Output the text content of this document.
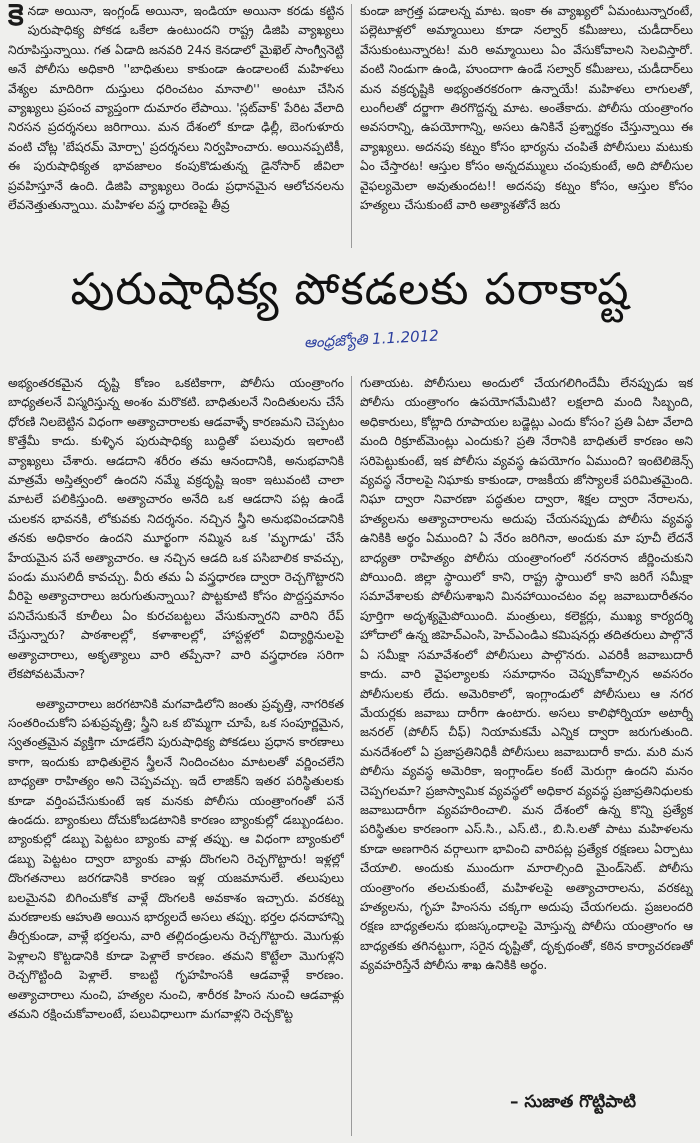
కె నడా అయినా, ఇంగ్లండ్ అయినా, ఇండియా అయినా కరడు కట్టిన పురుషాధిక్య పోకడ ఒకేలా ఉంటుందని రాష్ట్ర డిజిపి వ్యాఖ్యలు నిరూపిస్తున్నాయి. గత ఏడాది జనవరి 24న కెనడాలో మైఖెల్ సాంగ్విినెట్టి అనే పోలీసు అధికారి ''బాధితులు కాకుండా ఉండాలంటే మహిళలు వేశ్యల మాదిరిగా దుస్తులు ధరించటం మానాలి'' అంటూ చేసిన వ్యాఖ్యలు ప్రపంచ వ్యాప్తంగా దుమారం లేపాయి. 'స్లట్‌వాక్' పేరిట వేలాది నిరసన ప్రదర్శనలు జరిగాయి. మన దేశంలో కూడా ఢిల్లీ, బెంగుళూరు వంటి చోట్ల 'బేషరమ్ మోర్చా' ప్రదర్శనలు నిర్వహించారు. అయినప్పటికీ, ఈ పురుషాధిక్యత భావజాలం కంపుకొడుతున్న డైనోసార్ జీవిలా ప్రవహిస్తూనే ఉంది. డిజిపి వ్యాఖ్యలు రెండు ప్రధానమైన ఆలోచనలను లేవనెత్తుతున్నాయి. మహిళల వస్త్ర ధారణపై తీవ్ర

కుండా జాగ్రత్త పడాలన్న మాట. ఇంకా ఈ వ్యాఖ్యలో ఏమంటున్నారంటే, పల్లెటూళ్లలో అమ్మాయిలు కూడా నల్వార్ కమీజులు, చుడీదార్‌లు వేసుకుంటున్నారట! మరి అమ్మాయిలు ఏం వేసుకోవాలని సెలవిస్తారో. వంటి నిండుగా ఉండి, హుందాగా ఉండే సల్వార్ కమీజులు, చుడీదార్‌లు మన వక్రదృష్టికి అభ్యంతరకరంగా ఉన్నాయే! మహిళలు లాగులతో, లుంగీలతో దర్జాగా తిరగొద్దన్న మాట. అంతేకాదు. పోలీసు యంత్రాంగం అవసరాన్ని, ఉపయోగాన్ని, అసలు ఉనికినే ప్రశ్నార్థకం చేస్తున్నాయి ఈ వ్యాఖ్యలు. అదనపు కట్నం కోసం భార్యను చంపితే పోలీసులు మటుకు ఏం చేస్తారట! ఆస్తుల కోసం అన్నదమ్ములు చంపుకుంటే, అది పోలీసుల వైఫల్యమెలా అవుతుందట!! అదనపు కట్నం కోసం, ఆస్తుల కోసం హత్యలు చేసుకుంటే వారి అత్యాశతోనే జరు

పురుషాధిక్య పోకడలకు పరాకాష్ట
ఆంధ్రజ్యోతి 1.1.2012

అభ్యంతరకమైన దృష్టి కోణం ఒకటికాగా, పోలీసు యంత్రాంగం బాధ్యతలనే విస్మరిస్తున్న అంశం మరొకటి. బాధితులనే నిందితులను చేసే ధోరణి నిలబెట్టిన విధంగా అత్యాచారాలకు ఆడవాళ్ళే కారణమని చెప్పటం కొత్తేమీ కాదు. కుళ్ళిన పురుషాధిక్య బుద్ధితో పలువురు ఇలాంటి వ్యాఖ్యలు చేశారు. ఆడదాని శరీరం తమ ఆనందానికి, అనుభవానికి మాత్రమే అస్తిత్వంలో ఉందని నమ్మే వక్రదృష్టి ఇంకా ఇటువంటి చాలా మాటలే పలికిస్తుంది. అత్యాచారం అనేది ఒక ఆడదాని పట్ల ఉండే చులకన భావనకి, లోకువకు నిదర్శనం. నచ్చిన స్త్రీని అనుభవించడానికి తనకు అధికారం ఉందని మూర్ఖంగా నమ్మిన ఒక 'మృగాడు' చేసే హేయమైన పనే అత్యాచారం. ఆ నచ్చిన ఆడది ఒక పసిబాలిక కావచ్చు, పండు ముసలిదీ కావచ్చు. వీరు తమ ఏ వస్త్రధారణ ద్వారా రెచ్చగొట్టారని వీరిపై అత్యాచారాలు జరుగుతున్నాయి? పొట్టకూటి కోసం పొద్దస్తమానం పనిచేసుకునే కూలీలు ఏం కురచబట్టలు వేసుకున్నారని వారిని రేప్ చేస్తున్నారు? పాఠశాలల్లో, కళాశాలల్లో, హాస్టళ్లలో విద్యార్థినులపై అత్యాచారాలు, అకృత్యాలు వారి తప్పేనా? వారి వస్త్రధారణ సరిగా లేకపోవటమేనా?

అత్యాచారాలు జరగటానికి మగవాడిలోని జంతు ప్రవృత్తి, నాగరికత సంతరించుకోని పశుప్రవృత్తి; స్త్రీని ఒక బొమ్మగా చూపే, ఒక సంపూర్ణమైన, స్వతంత్రమైన వ్యక్తిగా చూడలేని పురుషాధిక్య పోకడలు ప్రధాన కారణాలు కాగా, ఇందుకు బాధితులైన స్త్రీలనే నిందించటం మాటలతో వర్ణించలేని బాధ్యతా రాహిత్యం అని చెప్పవచ్చు. ఇదే లాజిక్‌ని ఇతర పరిస్థితులకు కూడా వర్తింపచేసుకుంటే ఇక మనకు పోలీసు యంత్రాంగంతో పనే ఉండదు. బ్యాంకులు దోచుకోబడటానికి కారణం బ్యాంకుల్లో డబ్బుండటం. బ్యాంకుల్లో డబ్బు పెట్టటం బ్యాంకు వాళ్ల తప్పు. ఆ విధంగా బ్యాంకులో డబ్బు పెట్టటం ద్వారా బ్యాంకు వాళ్లు దొంగలని రెచ్చగొట్టారు! ఇళ్లల్లో దొంగతనాలు జరగడానికి కారణం ఇళ్ల యజమానులే. తలుపులు బలమైనవి బిగించుకోక వాళ్లే దొంగలకి అవకాశం ఇచ్చారు. వరకట్న మరణాలకు ఆహుతి అయిన భార్యలదే అసలు తప్పు. భర్తల ధనదాహాన్ని తీర్చకుండా, వాళ్లే భర్తలను, వారి తల్లిదండ్రులను రెచ్చగొట్టారు. మొగుళ్లు పెళ్లాలని కొట్టడానికి కూడా పెళ్లాలే కారణం. తమని కొట్టేలా మొగుళ్లని రెచ్చగొట్టింది పెళ్లాలే. కాబట్టి గృహహింసకి ఆడవాళ్లే కారణం. అత్యాచారాలు నుంచి, హత్యల నుంచి, శారీరక హింస నుంచి ఆడవాళ్లు తమని రక్షించుకోవాలంటే, పలువిధాలుగా మగవాళ్లని రెచ్చకొట్ట

గుతాయట. పోలీసులు అందులో చేయగలిగిందేమీ లేనప్పుడు ఇక పోలీసు యంత్రాంగం ఉపయోగమేమిటి? లక్షలాది మంది సిబ్బంది, అధికారులు, కోట్లాది రూపాయల బడ్జెట్లు ఎందు కోసం? ప్రతి ఏటా వేలాది మంది రిక్రూట్‌మెంట్లు ఎందుకు? ప్రతి నేరానికి బాధితులే కారణం అని సరిపెట్టుకుంటే, ఇక పోలీసు వ్యవస్థ ఉపయోగం ఏముంది? ఇంటెలిజెన్స్ వ్యవస్థ నేరాలపై నిఘాకు కాకుండా, రాజకీయ జోస్యాలకే పరిమితమైంది. నిఘా ద్వారా నివారణా పద్ధతుల ద్వారా, శిక్షల ద్వారా నేరాలను, హత్యలను అత్యాచారాలను అదుపు చేయనప్పుడు పోలీసు వ్యవస్థ ఉనికికి అర్థం ఏముంది? ఏ నేరం జరిగినా, అందుకు మా పూచీ లేదనే బాధ్యతా రాహిత్యం పోలీసు యంత్రాంగంలో నరనరాన జీర్ణించుకుని పోయింది. జిల్లా స్థాయిలో కాని, రాష్ట్ర స్థాయిలో కాని జరిగే సమీక్షా సమావేశాలకు పోలీసుశాఖని మినహాయించటం వల్ల జవాబుదారీతనం పూర్తిగా అదృశ్యమైపోయింది. మంత్రులు, కలెక్టర్లు, ముఖ్య కార్యదర్శి హోదాలో ఉన్న జిహెచ్‌ఎంసి, హెచ్‌ఎండిఎ కమిషనర్లు తదితరులు పాల్గొనే ఏ సమీక్షా సమావేశంలో పోలీసులు పాల్గొనరు. ఎవరికీ జవాబుదారీ కాదు. వారి వైఫల్యాలకు సమాధానం చెప్పుకోవాల్సిన అవసరం పోలీసులకు లేదు. అమెరికాలో, ఇంగ్లాండులో పోలీసులు ఆ నగర మేయర్లకు జవాబు దారీగా ఉంటారు. అసలు కాలిఫోర్నియా అటార్నీ జనరల్ (పోలీస్ చీఫ్) నియామకమే ఎన్నిక ద్వారా జరుగుతుంది. మనదేశంలో ఏ ప్రజాప్రతినిధికీ పోలీసులు జవాబుదారీ కాదు. మరి మన పోలీసు వ్యవస్థ అమెరికా, ఇంగ్లాండ్‌ల కంటే మెరుగ్గా ఉందని మనం చెప్పగలమా? ప్రజాస్వామిక వ్యవస్థలో అధికార వ్యవస్థ ప్రజాప్రతినిధులకు జవాబుదారీగా వ్యవహరించాలి. మన దేశంలో ఉన్న కొన్ని ప్రత్యేక పరిస్థితుల కారణంగా ఎస్.సి., ఎస్.టి., బి.సి.లతో పాటు మహిళలను కూడా అణగారిన వర్గాలుగా భావించి వారిపట్ల ప్రత్యేక రక్షణలు ఏర్పాటు చేయాలి. అందుకు ముందుగా మారాల్సింది మైండ్‌సెట్. పోలీసు యంత్రాంగం తలచుకుంటే, మహిళలపై అత్యాచారాలను, వరకట్న హత్యలను, గృహ హింసను చక్కగా అదుపు చేయగలదు. ప్రజలందరి రక్షణ బాధ్యతలను భుజస్కంధాలపై మోస్తున్న పోలీసు యంత్రాంగం ఆ బాధ్యతకు తగినట్టుగా, సరైన దృష్టితో, దృక్పథంతో, కఠిన కార్యాచరణతో వ్యవహరిస్తేనే పోలీసు శాఖ ఉనికికి అర్థం.

– సుజాత గొట్టిపాటి
